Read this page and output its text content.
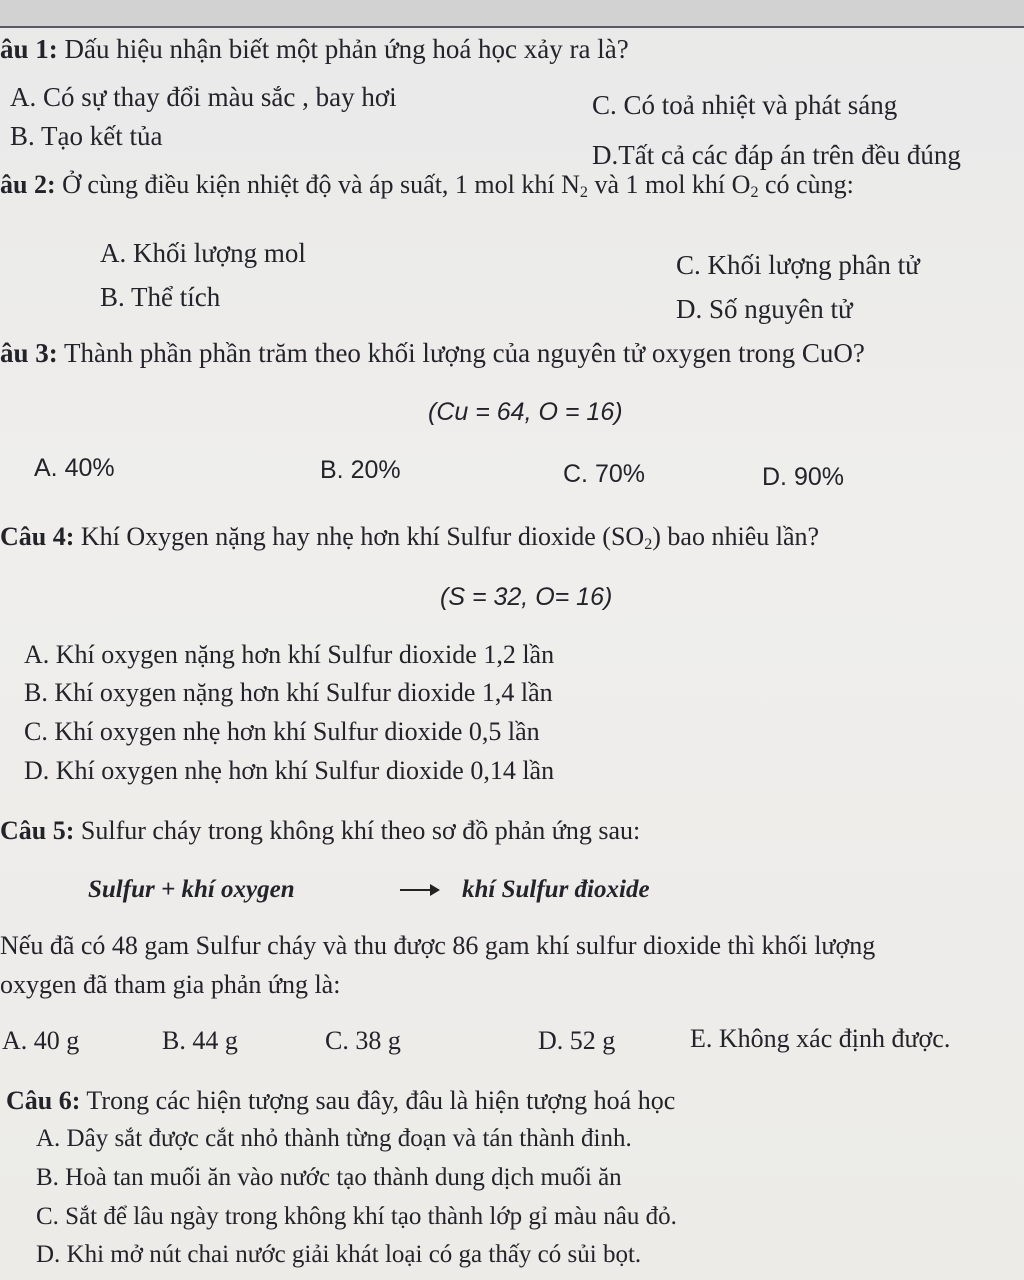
âu 1: Dấu hiệu nhận biết một phản ứng hoá học xảy ra là?
A. Có sự thay đổi màu sắc , bay hơi
B. Tạo kết tủa
C. Có toả nhiệt và phát sáng
D.Tất cả các đáp án trên đều đúng
âu 2: Ở cùng điều kiện nhiệt độ và áp suất, 1 mol khí $N_2$ và 1 mol khí $O_2$ có cùng:
A. Khối lượng mol
B. Thể tích
C. Khối lượng phân tử
D. Số nguyên tử
âu 3: Thành phần phần trăm theo khối lượng của nguyên tử oxygen trong CuO?
(Cu = 64, O = 16)
A. 40%	B. 20%	C. 70%	D. 90%
Câu 4: Khí Oxygen nặng hay nhẹ hơn khí Sulfur dioxide $(SO_2)$ bao nhiêu lần?
(S = 32, O= 16)
A. Khí oxygen nặng hơn khí Sulfur dioxide 1,2 lần
B. Khí oxygen nặng hơn khí Sulfur dioxide 1,4 lần
C. Khí oxygen nhẹ hơn khí Sulfur dioxide 0,5 lần
D. Khí oxygen nhẹ hơn khí Sulfur dioxide 0,14 lần
Câu 5: Sulfur cháy trong không khí theo sơ đồ phản ứng sau:
Sulfur + khí oxygen	khí Sulfur đioxide
Nếu đã có 48 gam Sulfur cháy và thu được 86 gam khí sulfur dioxide thì khối lượng
oxygen đã tham gia phản ứng là:
A. 40 g	B. 44 g	C. 38 g	D. 52 g	E. Không xác định được.
Câu 6: Trong các hiện tượng sau đây, đâu là hiện tượng hoá học
A. Dây sắt được cắt nhỏ thành từng đoạn và tán thành đinh.
B. Hoà tan muối ăn vào nước tạo thành dung dịch muối ăn
C. Sắt để lâu ngày trong không khí tạo thành lớp gỉ màu nâu đỏ.
D. Khi mở nút chai nước giải khát loại có ga thấy có sủi bọt.
